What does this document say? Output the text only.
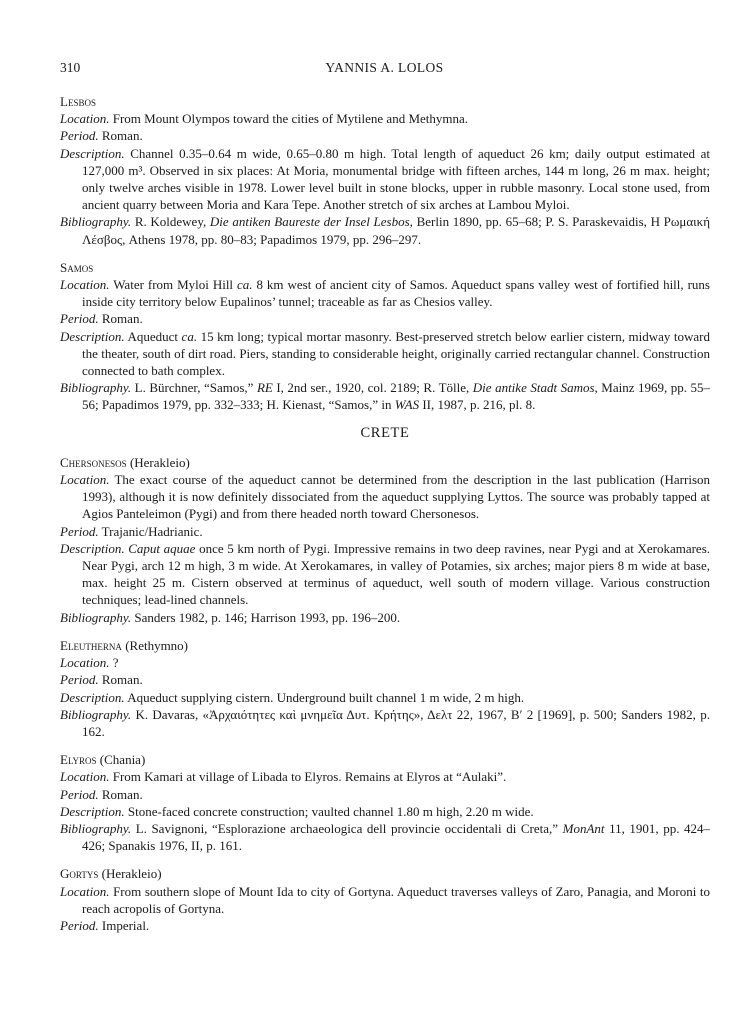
310	YANNIS A. LOLOS
Lesbos
Location. From Mount Olympos toward the cities of Mytilene and Methymna.
Period. Roman.
Description. Channel 0.35–0.64 m wide, 0.65–0.80 m high. Total length of aqueduct 26 km; daily output estimated at 127,000 m³. Observed in six places: At Moria, monumental bridge with fifteen arches, 144 m long, 26 m max. height; only twelve arches visible in 1978. Lower level built in stone blocks, upper in rubble masonry. Local stone used, from ancient quarry between Moria and Kara Tepe. Another stretch of six arches at Lambou Myloi.
Bibliography. R. Koldewey, Die antiken Baureste der Insel Lesbos, Berlin 1890, pp. 65–68; P. S. Paraskevaidis, Η Ρωμαική Λέσβος, Athens 1978, pp. 80–83; Papadimos 1979, pp. 296–297.
Samos
Location. Water from Myloi Hill ca. 8 km west of ancient city of Samos. Aqueduct spans valley west of fortified hill, runs inside city territory below Eupalinos’ tunnel; traceable as far as Chesios valley.
Period. Roman.
Description. Aqueduct ca. 15 km long; typical mortar masonry. Best-preserved stretch below earlier cistern, midway toward the theater, south of dirt road. Piers, standing to considerable height, originally carried rectangular channel. Construction connected to bath complex.
Bibliography. L. Bürchner, “Samos,” RE I, 2nd ser., 1920, col. 2189; R. Tölle, Die antike Stadt Samos, Mainz 1969, pp. 55–56; Papadimos 1979, pp. 332–333; H. Kienast, “Samos,” in WAS II, 1987, p. 216, pl. 8.
CRETE
Chersonesos (Herakleio)
Location. The exact course of the aqueduct cannot be determined from the description in the last publication (Harrison 1993), although it is now definitely dissociated from the aqueduct supplying Lyttos. The source was probably tapped at Agios Panteleimon (Pygi) and from there headed north toward Chersonesos.
Period. Trajanic/Hadrianic.
Description. Caput aquae once 5 km north of Pygi. Impressive remains in two deep ravines, near Pygi and at Xerokamares. Near Pygi, arch 12 m high, 3 m wide. At Xerokamares, in valley of Potamies, six arches; major piers 8 m wide at base, max. height 25 m. Cistern observed at terminus of aqueduct, well south of modern village. Various construction techniques; lead-lined channels.
Bibliography. Sanders 1982, p. 146; Harrison 1993, pp. 196–200.
Eleutherna (Rethymno)
Location. ?
Period. Roman.
Description. Aqueduct supplying cistern. Underground built channel 1 m wide, 2 m high.
Bibliography. K. Davaras, «Ἀρχαιότητες καὶ μνημεῖα Δυτ. Κρήτης», Δελτ 22, 1967, Β′ 2 [1969], p. 500; Sanders 1982, p. 162.
Elyros (Chania)
Location. From Kamari at village of Libada to Elyros. Remains at Elyros at “Aulaki”.
Period. Roman.
Description. Stone-faced concrete construction; vaulted channel 1.80 m high, 2.20 m wide.
Bibliography. L. Savignoni, “Esplorazione archaeologica dell provincie occidentali di Creta,” MonAnt 11, 1901, pp. 424–426; Spanakis 1976, II, p. 161.
Gortys (Herakleio)
Location. From southern slope of Mount Ida to city of Gortyna. Aqueduct traverses valleys of Zaro, Panagia, and Moroni to reach acropolis of Gortyna.
Period. Imperial.
